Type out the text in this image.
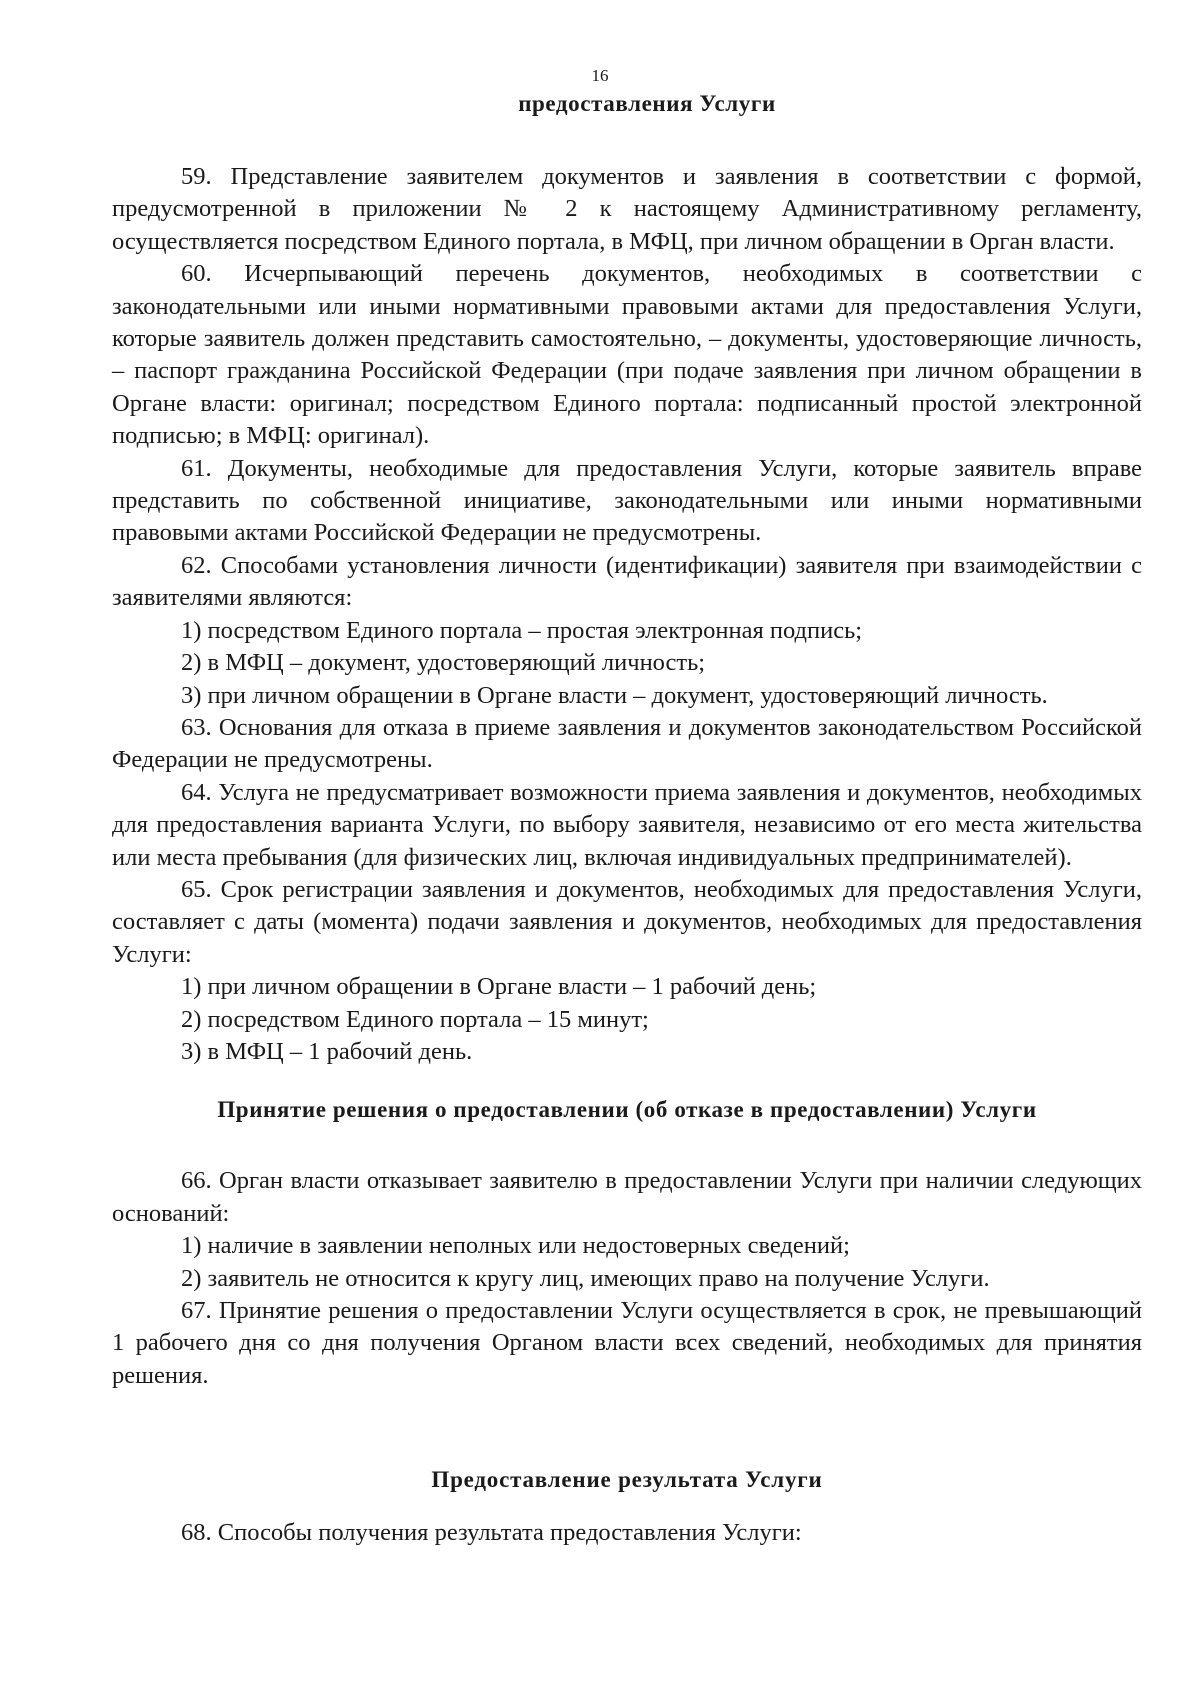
16
предоставления Услуги

59. Представление заявителем документов и заявления в соответствии с формой, предусмотренной в приложении № 2 к настоящему Административному регламенту, осуществляется посредством Единого портала, в МФЦ, при личном обращении в Орган власти.

60. Исчерпывающий перечень документов, необходимых в соответствии с законодательными или иными нормативными правовыми актами для предоставления Услуги, которые заявитель должен представить самостоятельно, – документы, удостоверяющие личность, – паспорт гражданина Российской Федерации (при подаче заявления при личном обращении в Органе власти: оригинал; посредством Единого портала: подписанный простой электронной подписью; в МФЦ: оригинал).

61. Документы, необходимые для предоставления Услуги, которые заявитель вправе представить по собственной инициативе, законодательными или иными нормативными правовыми актами Российской Федерации не предусмотрены.

62. Способами установления личности (идентификации) заявителя при взаимодействии с заявителями являются:

1) посредством Единого портала – простая электронная подпись;

2) в МФЦ – документ, удостоверяющий личность;

3) при личном обращении в Органе власти – документ, удостоверяющий личность.

63. Основания для отказа в приеме заявления и документов законодательством Российской Федерации не предусмотрены.

64. Услуга не предусматривает возможности приема заявления и документов, необходимых для предоставления варианта Услуги, по выбору заявителя, независимо от его места жительства или места пребывания (для физических лиц, включая индивидуальных предпринимателей).

65. Срок регистрации заявления и документов, необходимых для предоставления Услуги, составляет с даты (момента) подачи заявления и документов, необходимых для предоставления Услуги:

1) при личном обращении в Органе власти – 1 рабочий день;

2) посредством Единого портала – 15 минут;

3) в МФЦ – 1 рабочий день.

Принятие решения о предоставлении (об отказе в предоставлении) Услуги

66. Орган власти отказывает заявителю в предоставлении Услуги при наличии следующих оснований:

1) наличие в заявлении неполных или недостоверных сведений;

2) заявитель не относится к кругу лиц, имеющих право на получение Услуги.

67. Принятие решения о предоставлении Услуги осуществляется в срок, не превышающий 1 рабочего дня со дня получения Органом власти всех сведений, необходимых для принятия решения.

Предоставление результата Услуги

68. Способы получения результата предоставления Услуги:
